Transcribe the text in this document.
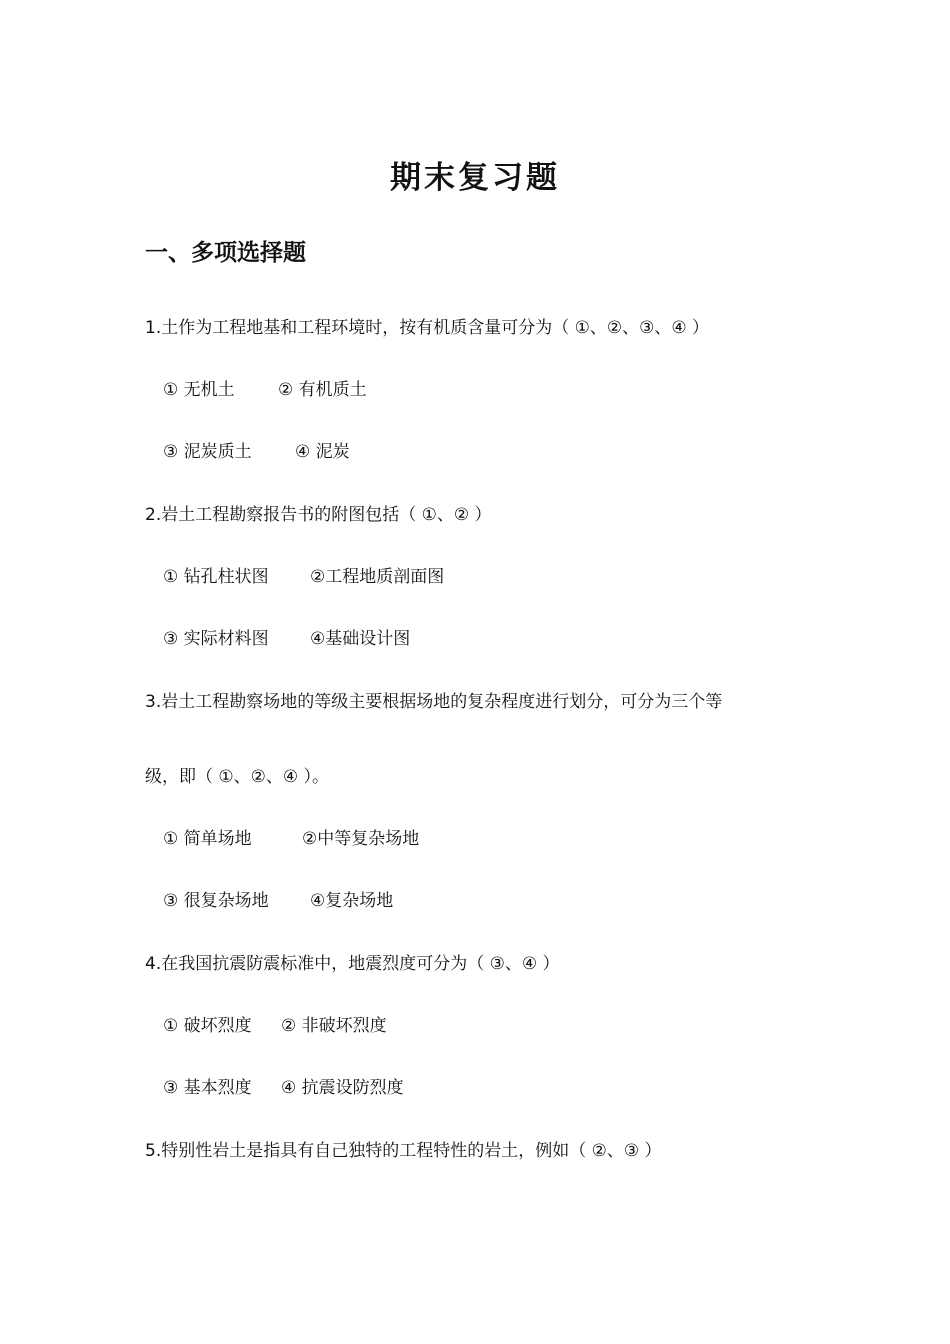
期末复习题
一、多项选择题
1.土作为工程地基和工程环境时，按有机质含量可分为（ ①、②、③、④ ）
① 无机土	② 有机质土
③ 泥炭质土	④ 泥炭
2.岩土工程勘察报告书的附图包括（ ①、② ）
① 钻孔柱状图 ②工程地质剖面图
③ 实际材料图 ④基础设计图
3.岩土工程勘察场地的等级主要根据场地的复杂程度进行划分，可分为三个等
级，即（ ①、②、④ ）。
① 简单场地	②中等复杂场地
③ 很复杂场地 ④复杂场地
4.在我国抗震防震标准中，地震烈度可分为（ ③、④ ）
① 破坏烈度 ② 非破坏烈度
③ 基本烈度 ④ 抗震设防烈度
5.特别性岩土是指具有自己独特的工程特性的岩土，例如（ ②、③ ）
